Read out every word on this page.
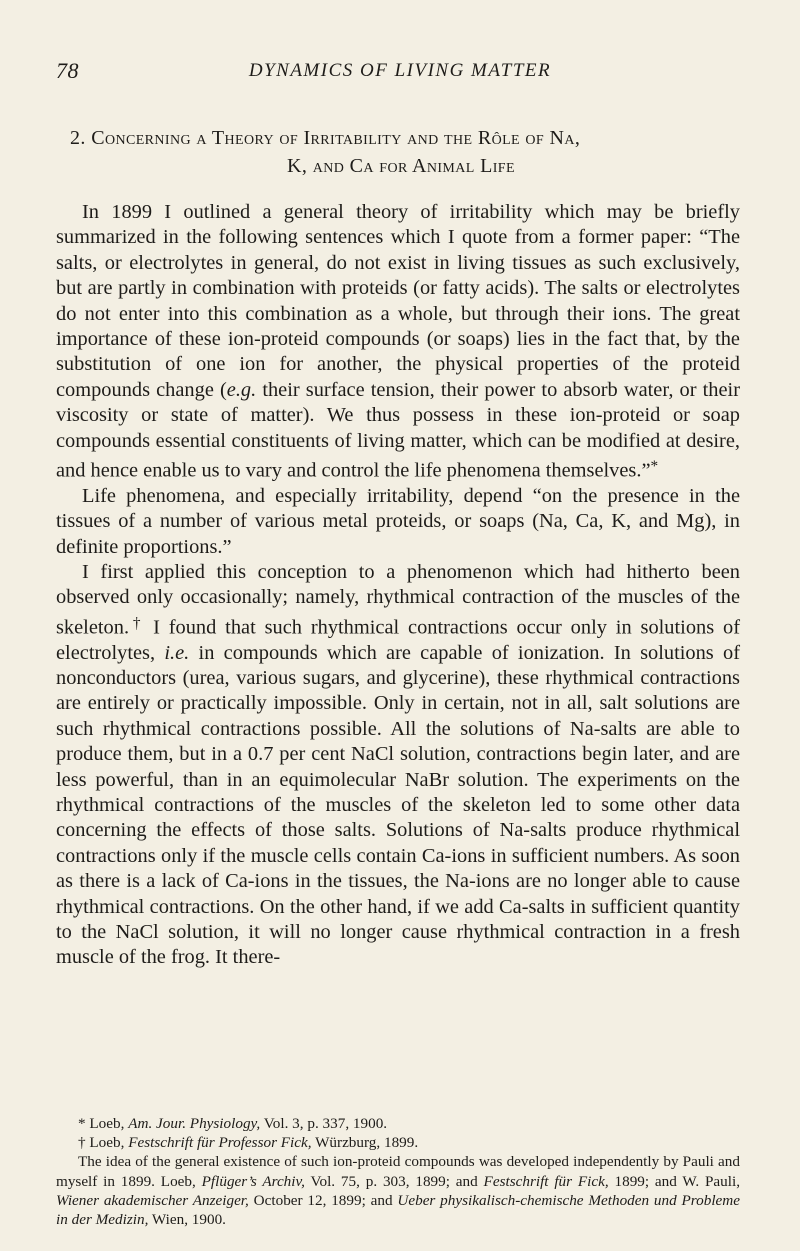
78	DYNAMICS OF LIVING MATTER
2. Concerning a Theory of Irritability and the Rôle of Na,
K, and Ca for Animal Life

In 1899 I outlined a general theory of irritability which may be briefly summarized in the following sentences which I quote from a former paper: “The salts, or electrolytes in general, do not exist in living tissues as such exclusively, but are partly in combination with proteids (or fatty acids). The salts or electrolytes do not enter into this combination as a whole, but through their ions. The great importance of these ion-proteid compounds (or soaps) lies in the fact that, by the substitution of one ion for another, the physical properties of the proteid compounds change (e.g. their surface tension, their power to absorb water, or their viscosity or state of matter). We thus possess in these ion-proteid or soap compounds essential constituents of living matter, which can be modified at desire, and hence enable us to vary and control the life phenomena themselves.”*

Life phenomena, and especially irritability, depend “on the presence in the tissues of a number of various metal proteids, or soaps (Na, Ca, K, and Mg), in definite proportions.”

I first applied this conception to a phenomenon which had hitherto been observed only occasionally; namely, rhythmical contraction of the muscles of the skeleton.† I found that such rhythmical contractions occur only in solutions of electrolytes, i.e. in compounds which are capable of ionization. In solutions of nonconductors (urea, various sugars, and glycerine), these rhythmical contractions are entirely or practically impossible. Only in certain, not in all, salt solutions are such rhythmical contractions possible. All the solutions of Na-salts are able to produce them, but in a 0.7 per cent NaCl solution, contractions begin later, and are less powerful, than in an equimolecular NaBr solution. The experiments on the rhythmical contractions of the muscles of the skeleton led to some other data concerning the effects of those salts. Solutions of Na-salts produce rhythmical contractions only if the muscle cells contain Ca-ions in sufficient numbers. As soon as there is a lack of Ca-ions in the tissues, the Na-ions are no longer able to cause rhythmical contractions. On the other hand, if we add Ca-salts in sufficient quantity to the NaCl solution, it will no longer cause rhythmical contraction in a fresh muscle of the frog. It there-

* Loeb, Am. Jour. Physiology, Vol. 3, p. 337, 1900.

† Loeb, Festschrift für Professor Fick, Würzburg, 1899.

The idea of the general existence of such ion-proteid compounds was developed independently by Pauli and myself in 1899. Loeb, Pflüger’s Archiv, Vol. 75, p. 303, 1899; and Festschrift für Fick, 1899; and W. Pauli, Wiener akademischer Anzeiger, October 12, 1899; and Ueber physikalisch-chemische Methoden und Probleme in der Medizin, Wien, 1900.
